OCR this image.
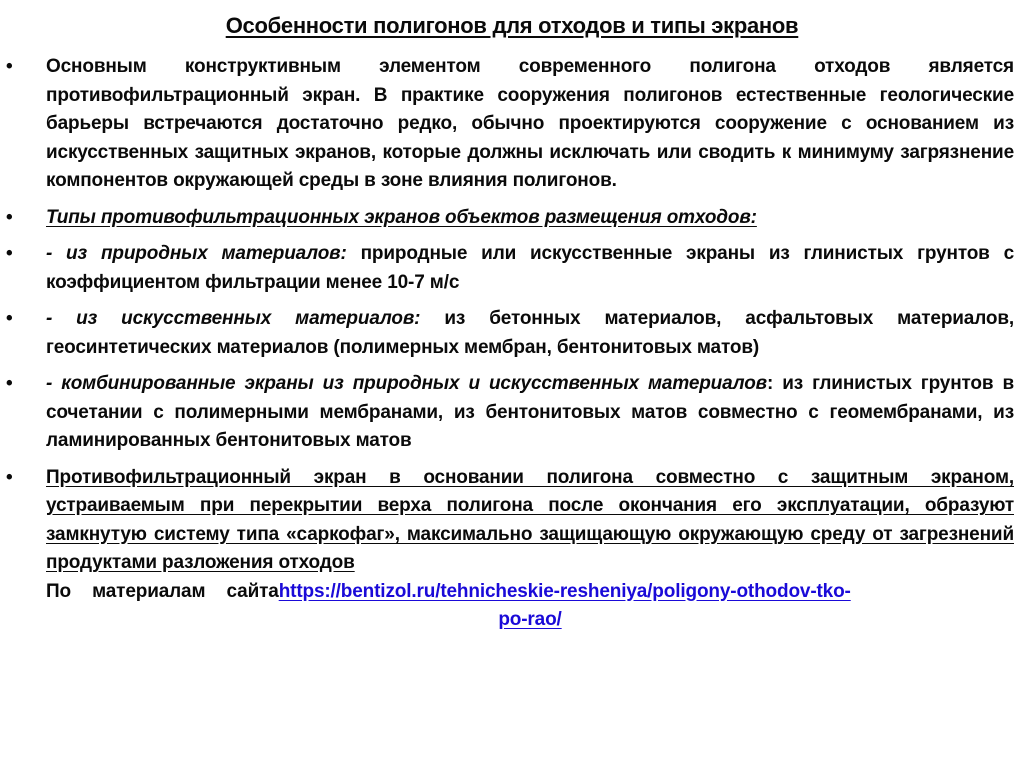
Особенности полигонов для отходов и типы экранов
• Основным конструктивным элементом современного полигона отходов является противофильтрационный экран. В практике сооружения полигонов естественные геологические барьеры встречаются достаточно редко, обычно проектируются сооружение с основанием из искусственных защитных экранов, которые должны исключать или сводить к минимуму загрязнение компонентов окружающей среды в зоне влияния полигонов.
• Типы противофильтрационных экранов объектов размещения отходов:
• - из природных материалов: природные или искусственные экраны из глинистых грунтов с коэффициентом фильтрации менее 10-7 м/с
• - из искусственных материалов: из бетонных материалов, асфальтовых материалов, геосинтетических материалов (полимерных мембран, бентонитовых матов)
• - комбинированные экраны из природных и искусственных материалов: из глинистых грунтов в сочетании с полимерными мембранами, из бентонитовых матов совместно с геомембранами, из ламинированных бентонитовых матов
• Противофильтрационный экран в основании полигона совместно с защитным экраном, устраиваемым при перекрытии верха полигона после окончания его эксплуатации, образуют замкнутую систему типа «саркофаг», максимально защищающую окружающую среду от загрезнений продуктами разложения отходов
По материалам сайтаhttps://bentizol.ru/tehnicheskie-resheniya/poligony-othodov-tko-
po-rao/
